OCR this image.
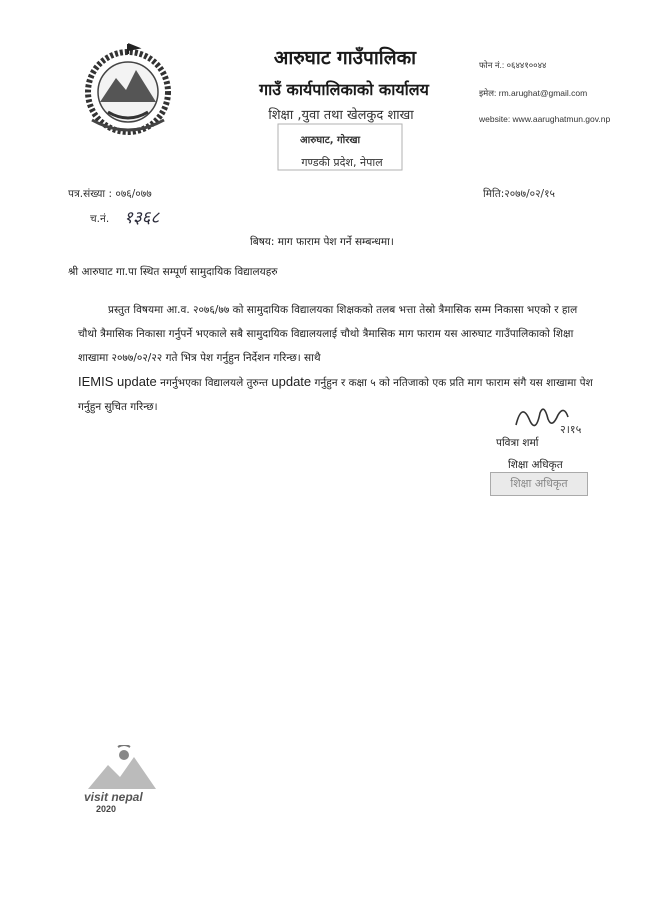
आरुघाट गाउँपालिका
गाउँ कार्यपालिकाको कार्यालय
शिक्षा ,युवा तथा खेलकुद शाखा
आरुघाट, गोरखा
गण्डकी प्रदेश, नेपाल
फोन नं.: ०६४४१००४४
इमेल: rm.arughat@gmail.com
website: www.aarughatmun.gov.np
पत्र.संख्या : ०७६/०७७	मिति:२०७७/०२/१५
च.नं. १३६८
बिषय: माग फाराम पेश गर्ने सम्बन्धमा।
श्री आरुघाट गा.पा स्थित सम्पूर्ण सामुदायिक विद्यालयहरु

प्रस्तुत विषयमा आ.व. २०७६/७७ को सामुदायिक विद्यालयका शिक्षकको तलब भत्ता तेस्रो त्रैमासिक सम्म निकासा भएको र हाल चौथो त्रैमासिक निकासा गर्नुपर्ने भएकाले सबै सामुदायिक विद्यालयलाई चौथो त्रैमासिक माग फाराम यस आरुघाट गाउँपालिकाको शिक्षा शाखामा २०७७/०२/२२ गते भित्र पेश गर्नुहुन निर्देशन गरिन्छ। साथै

IEMIS update नगर्नुभएका विद्यालयले तुरुन्त update गर्नुहुन र कक्षा ५ को नतिजाको एक प्रति माग फाराम संगै यस शाखामा पेश गर्नुहुन सुचित गरिन्छ।
२।१५
पवित्रा शर्मा
शिक्षा अधिकृत
शिक्षा अधिकृत
visit nepal
2020
